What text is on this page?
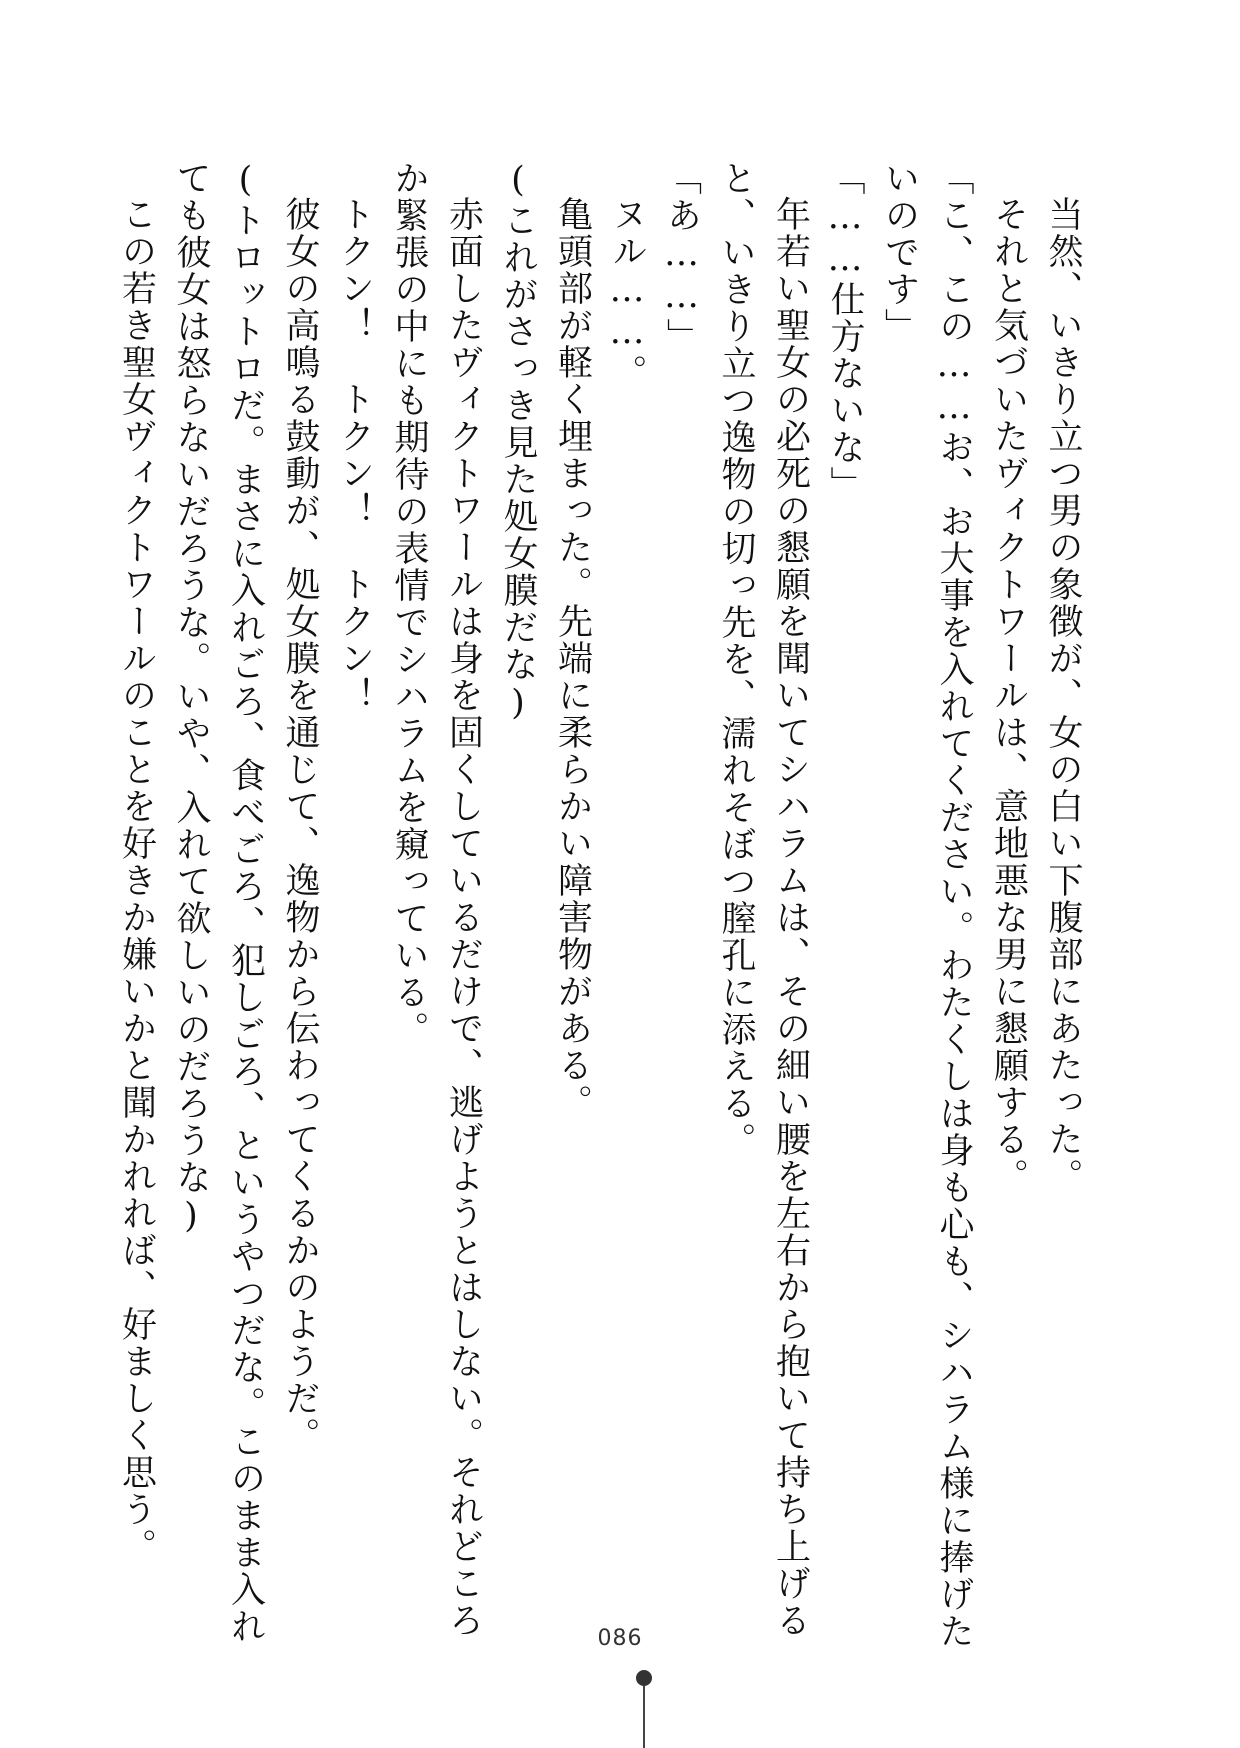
当然、いきり立つ男の象徴が、女の白い下腹部にあたった。
それと気づいたヴィクトワールは、意地悪な男に懇願する。
「こ、この……お、お大事を入れてください。わたくしは身も心も、シハラム様に捧げた
いのです」
「……仕方ないな」
年若い聖女の必死の懇願を聞いてシハラムは、その細い腰を左右から抱いて持ち上げる
と、いきり立つ逸物の切っ先を、濡れそぼつ膣孔に添える。
「あ……」
ヌル……。
亀頭部が軽く埋まった。先端に柔らかい障害物がある。
(これがさっき見た処女膜だな)
赤面したヴィクトワールは身を固くしているだけで、逃げようとはしない。それどころ
か緊張の中にも期待の表情でシハラムを窺っている。
トクン！　トクン！　トクン！
彼女の高鳴る鼓動が、処女膜を通じて、逸物から伝わってくるかのようだ。
(トロットロだ。まさに入れごろ、食べごろ、犯しごろ、というやつだな。このまま入れ
ても彼女は怒らないだろうな。いや、入れて欲しいのだろうな)
この若き聖女ヴィクトワールのことを好きか嫌いかと聞かれれば、好ましく思う。
086
